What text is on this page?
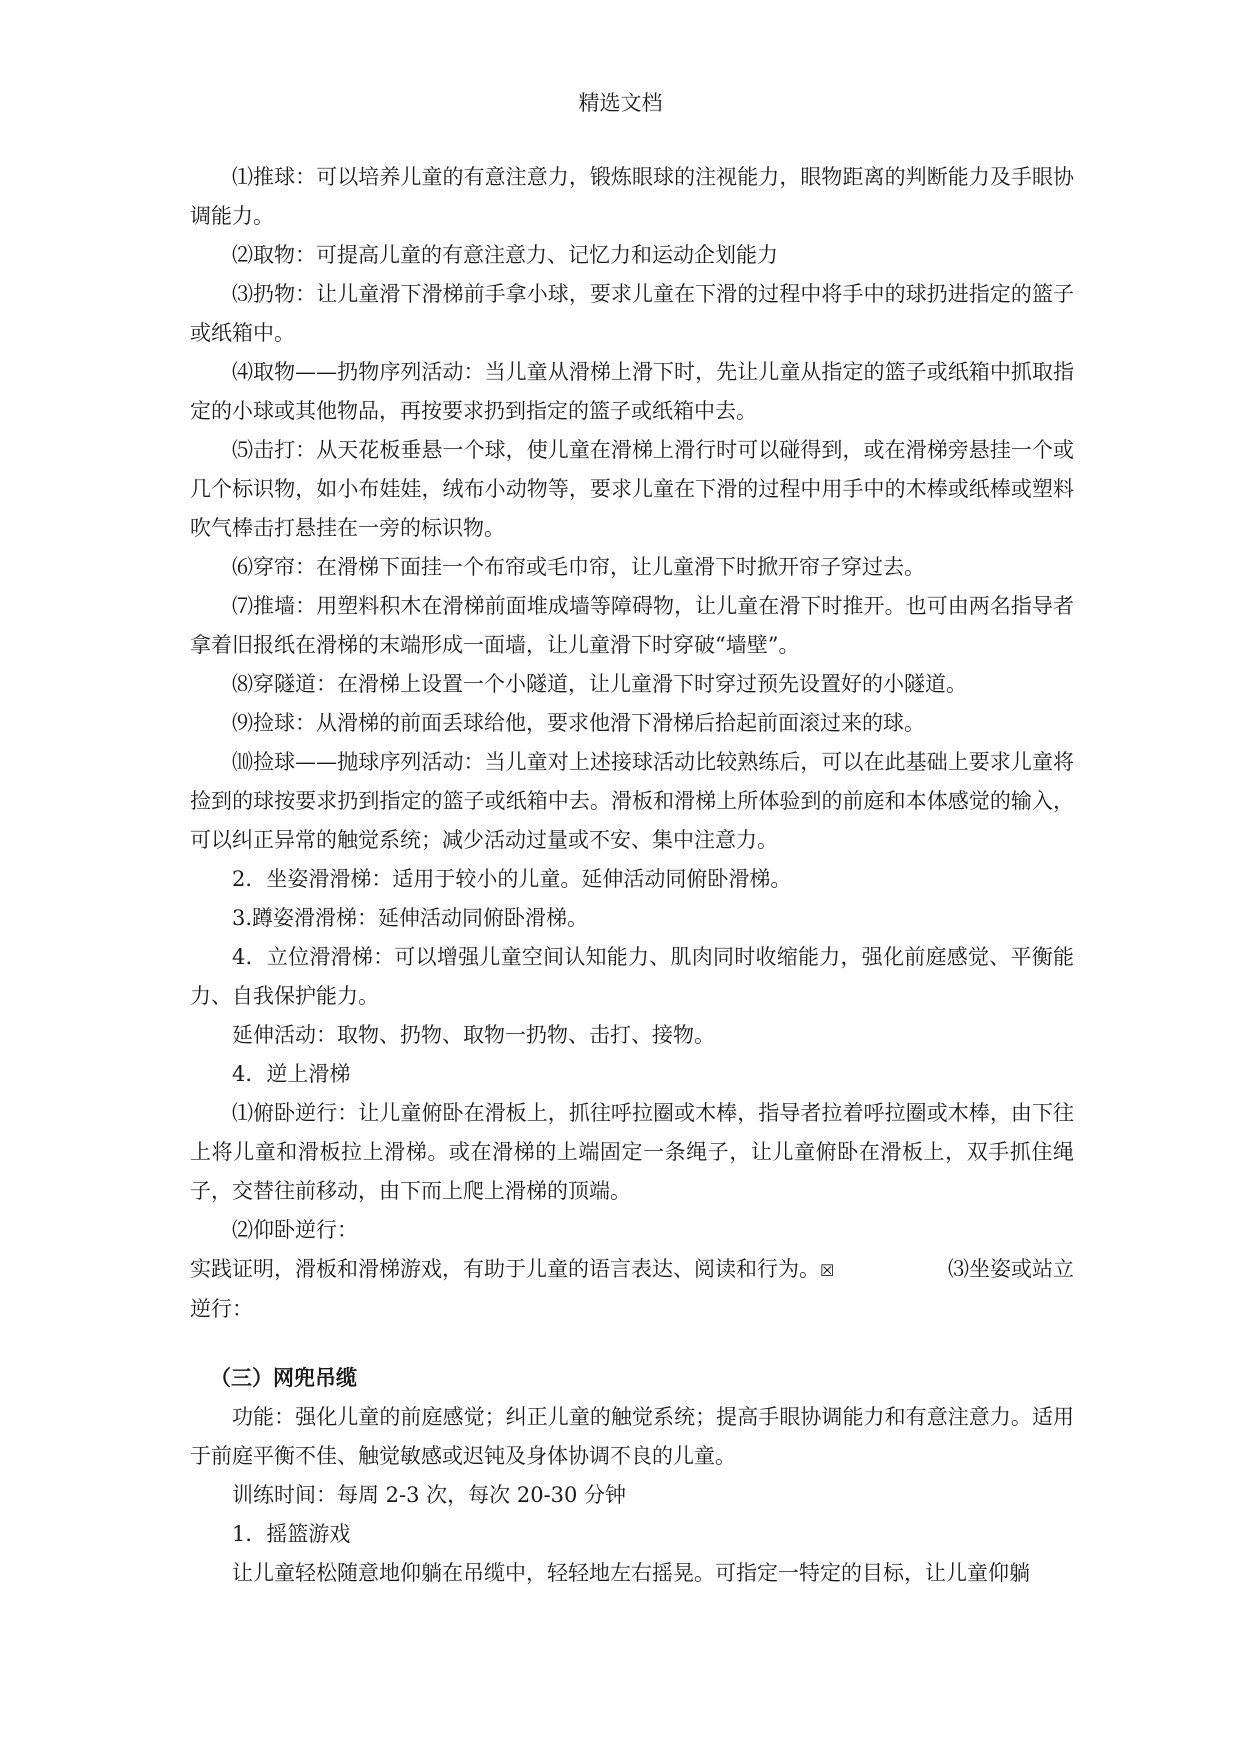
精选文档

⑴推球：可以培养儿童的有意注意力，锻炼眼球的注视能力，眼物距离的判断能力及手眼协调能力。

⑵取物：可提高儿童的有意注意力、记忆力和运动企划能力

⑶扔物：让儿童滑下滑梯前手拿小球，要求儿童在下滑的过程中将手中的球扔进指定的篮子或纸箱中。

⑷取物——扔物序列活动：当儿童从滑梯上滑下时，先让儿童从指定的篮子或纸箱中抓取指定的小球或其他物品，再按要求扔到指定的篮子或纸箱中去。

⑸击打：从天花板垂悬一个球，使儿童在滑梯上滑行时可以碰得到，或在滑梯旁悬挂一个或几个标识物，如小布娃娃，绒布小动物等，要求儿童在下滑的过程中用手中的木棒或纸棒或塑料吹气棒击打悬挂在一旁的标识物。

⑹穿帘：在滑梯下面挂一个布帘或毛巾帘，让儿童滑下时掀开帘子穿过去。

⑺推墙：用塑料积木在滑梯前面堆成墙等障碍物，让儿童在滑下时推开。也可由两名指导者拿着旧报纸在滑梯的末端形成一面墙，让儿童滑下时穿破“墙壁”。

⑻穿隧道：在滑梯上设置一个小隧道，让儿童滑下时穿过预先设置好的小隧道。

⑼捡球：从滑梯的前面丢球给他，要求他滑下滑梯后拾起前面滚过来的球。

⑽捡球——抛球序列活动：当儿童对上述接球活动比较熟练后，可以在此基础上要求儿童将捡到的球按要求扔到指定的篮子或纸箱中去。滑板和滑梯上所体验到的前庭和本体感觉的输入，可以纠正异常的触觉系统；减少活动过量或不安、集中注意力。

2．坐姿滑滑梯：适用于较小的儿童。延伸活动同俯卧滑梯。

3.蹲姿滑滑梯：延伸活动同俯卧滑梯。

4．立位滑滑梯：可以增强儿童空间认知能力、肌肉同时收缩能力，强化前庭感觉、平衡能力、自我保护能力。

延伸活动：取物、扔物、取物一扔物、击打、接物。

4．逆上滑梯

⑴俯卧逆行：让儿童俯卧在滑板上，抓往呼拉圈或木棒，指导者拉着呼拉圈或木棒，由下往上将儿童和滑板拉上滑梯。或在滑梯的上端固定一条绳子，让儿童俯卧在滑板上，双手抓住绳子，交替往前移动，由下而上爬上滑梯的顶端。

⑵仰卧逆行：

实践证明，滑板和滑梯游戏，有助于儿童的语言表达、阅读和行为。☒	⑶坐姿或站立

逆行：

（三）网兜吊缆

功能：强化儿童的前庭感觉；纠正儿童的触觉系统；提高手眼协调能力和有意注意力。适用于前庭平衡不佳、触觉敏感或迟钝及身体协调不良的儿童。

训练时间：每周 2-3 次，每次 20-30 分钟

1．摇篮游戏

让儿童轻松随意地仰躺在吊缆中，轻轻地左右摇晃。可指定一特定的目标，让儿童仰躺
